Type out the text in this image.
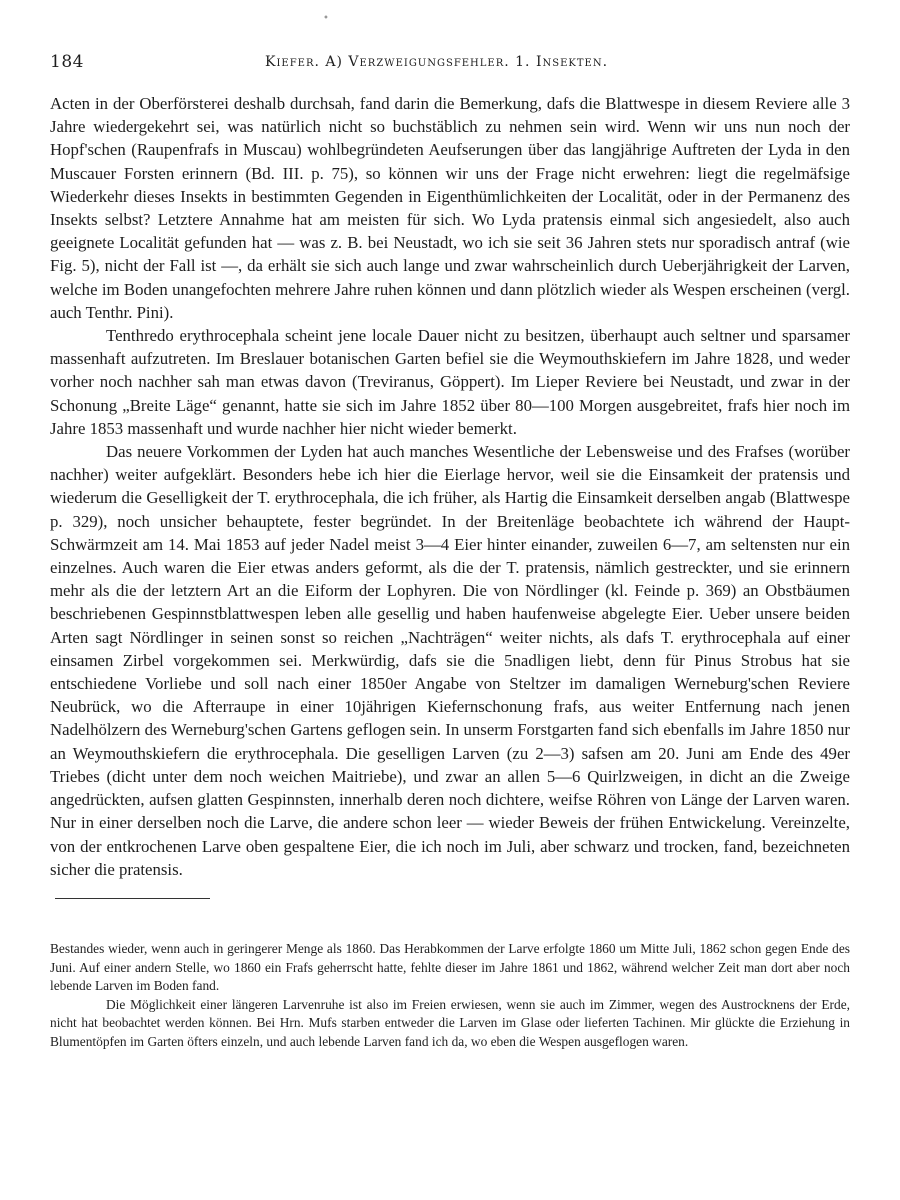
•
184	Kiefer. A) Verzweigungsfehler. 1. Insekten.

Acten in der Oberförsterei deshalb durchsah, fand darin die Bemerkung, dafs die Blattwespe in diesem Reviere alle 3 Jahre wiedergekehrt sei, was natürlich nicht so buchstäblich zu nehmen sein wird. Wenn wir uns nun noch der Hopf'schen (Raupenfrafs in Muscau) wohlbegründeten Aeufserungen über das langjährige Auftreten der Lyda in den Muscauer Forsten erinnern (Bd. III. p. 75), so können wir uns der Frage nicht erwehren: liegt die regelmäfsige Wiederkehr dieses Insekts in bestimmten Gegenden in Eigenthümlichkeiten der Localität, oder in der Permanenz des Insekts selbst? Letztere Annahme hat am meisten für sich. Wo Lyda pratensis einmal sich angesiedelt, also auch geeignete Localität gefunden hat — was z. B. bei Neustadt, wo ich sie seit 36 Jahren stets nur sporadisch antraf (wie Fig. 5), nicht der Fall ist —, da erhält sie sich auch lange und zwar wahrscheinlich durch Ueberjährigkeit der Larven, welche im Boden unangefochten mehrere Jahre ruhen können und dann plötzlich wieder als Wespen erscheinen (vergl. auch Tenthr. Pini).

Tenthredo erythrocephala scheint jene locale Dauer nicht zu besitzen, überhaupt auch seltner und sparsamer massenhaft aufzutreten. Im Breslauer botanischen Garten befiel sie die Weymouthskiefern im Jahre 1828, und weder vorher noch nachher sah man etwas davon (Treviranus, Göppert). Im Lieper Reviere bei Neustadt, und zwar in der Schonung „Breite Läge“ genannt, hatte sie sich im Jahre 1852 über 80—100 Morgen ausgebreitet, frafs hier noch im Jahre 1853 massenhaft und wurde nachher hier nicht wieder bemerkt.

Das neuere Vorkommen der Lyden hat auch manches Wesentliche der Lebensweise und des Frafses (worüber nachher) weiter aufgeklärt. Besonders hebe ich hier die Eierlage hervor, weil sie die Einsamkeit der pratensis und wiederum die Geselligkeit der T. erythrocephala, die ich früher, als Hartig die Einsamkeit derselben angab (Blattwespe p. 329), noch unsicher behauptete, fester begründet. In der Breitenläge beobachtete ich während der Haupt-Schwärmzeit am 14. Mai 1853 auf jeder Nadel meist 3—4 Eier hinter einander, zuweilen 6—7, am seltensten nur ein einzelnes. Auch waren die Eier etwas anders geformt, als die der T. pratensis, nämlich gestreckter, und sie erinnern mehr als die der letztern Art an die Eiform der Lophyren. Die von Nördlinger (kl. Feinde p. 369) an Obstbäumen beschriebenen Gespinnstblattwespen leben alle gesellig und haben haufenweise abgelegte Eier. Ueber unsere beiden Arten sagt Nördlinger in seinen sonst so reichen „Nachträgen“ weiter nichts, als dafs T. erythrocephala auf einer einsamen Zirbel vorgekommen sei. Merkwürdig, dafs sie die 5nadligen liebt, denn für Pinus Strobus hat sie entschiedene Vorliebe und soll nach einer 1850er Angabe von Steltzer im damaligen Werneburg'schen Reviere Neubrück, wo die Afterraupe in einer 10jährigen Kiefernschonung frafs, aus weiter Entfernung nach jenen Nadelhölzern des Werneburg'schen Gartens geflogen sein. In unserm Forstgarten fand sich ebenfalls im Jahre 1850 nur an Weymouthskiefern die erythrocephala. Die geselligen Larven (zu 2—3) safsen am 20. Juni am Ende des 49er Triebes (dicht unter dem noch weichen Maitriebe), und zwar an allen 5—6 Quirlzweigen, in dicht an die Zweige angedrückten, aufsen glatten Gespinnsten, innerhalb deren noch dichtere, weifse Röhren von Länge der Larven waren. Nur in einer derselben noch die Larve, die andere schon leer — wieder Beweis der frühen Entwickelung. Vereinzelte, von der entkrochenen Larve oben gespaltene Eier, die ich noch im Juli, aber schwarz und trocken, fand, bezeichneten sicher die pratensis.

Bestandes wieder, wenn auch in geringerer Menge als 1860. Das Herabkommen der Larve erfolgte 1860 um Mitte Juli, 1862 schon gegen Ende des Juni. Auf einer andern Stelle, wo 1860 ein Frafs geherrscht hatte, fehlte dieser im Jahre 1861 und 1862, während welcher Zeit man dort aber noch lebende Larven im Boden fand.

Die Möglichkeit einer längeren Larvenruhe ist also im Freien erwiesen, wenn sie auch im Zimmer, wegen des Austrocknens der Erde, nicht hat beobachtet werden können. Bei Hrn. Mufs starben entweder die Larven im Glase oder lieferten Tachinen. Mir glückte die Erziehung in Blumentöpfen im Garten öfters einzeln, und auch lebende Larven fand ich da, wo eben die Wespen ausgeflogen waren.
